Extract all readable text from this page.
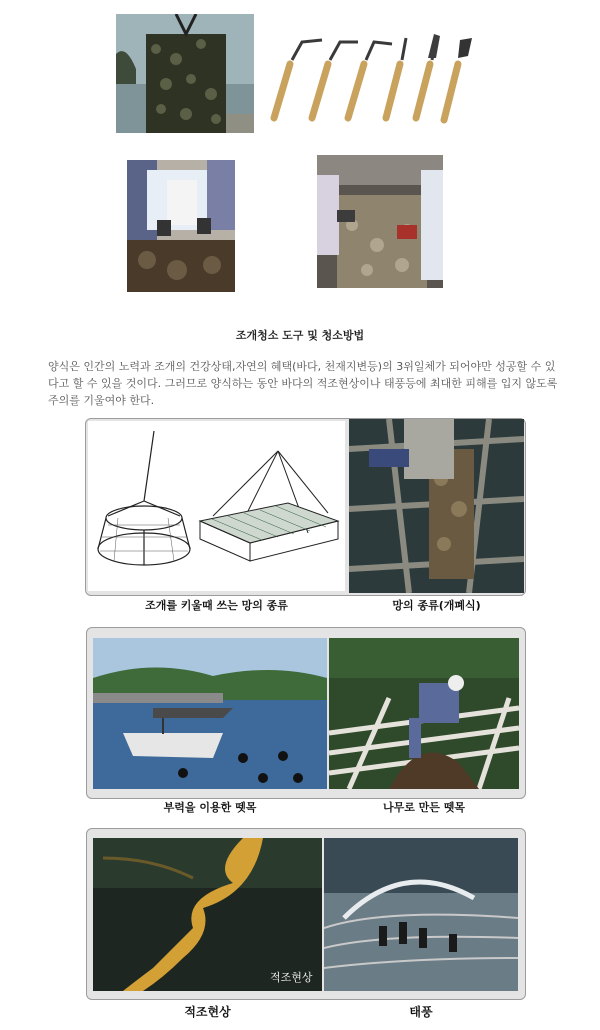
조개청소 도구 및 청소방법
양식은 인간의 노력과 조개의 건강상태,자연의 혜택(바다, 천재지변등)의 3위일체가 되어야만 성공할 수 있다고 할 수 있을 것이다. 그러므로 양식하는 동안 바다의 적조현상이나 태풍등에 최대한 피해를 입지 않도록 주의를 기울여야 한다.
조개를 키울때 쓰는 망의 종류	망의 종류(개폐식)
부력을 이용한 뗏목	나무로 만든 뗏목
적조현상
적조현상	태풍
